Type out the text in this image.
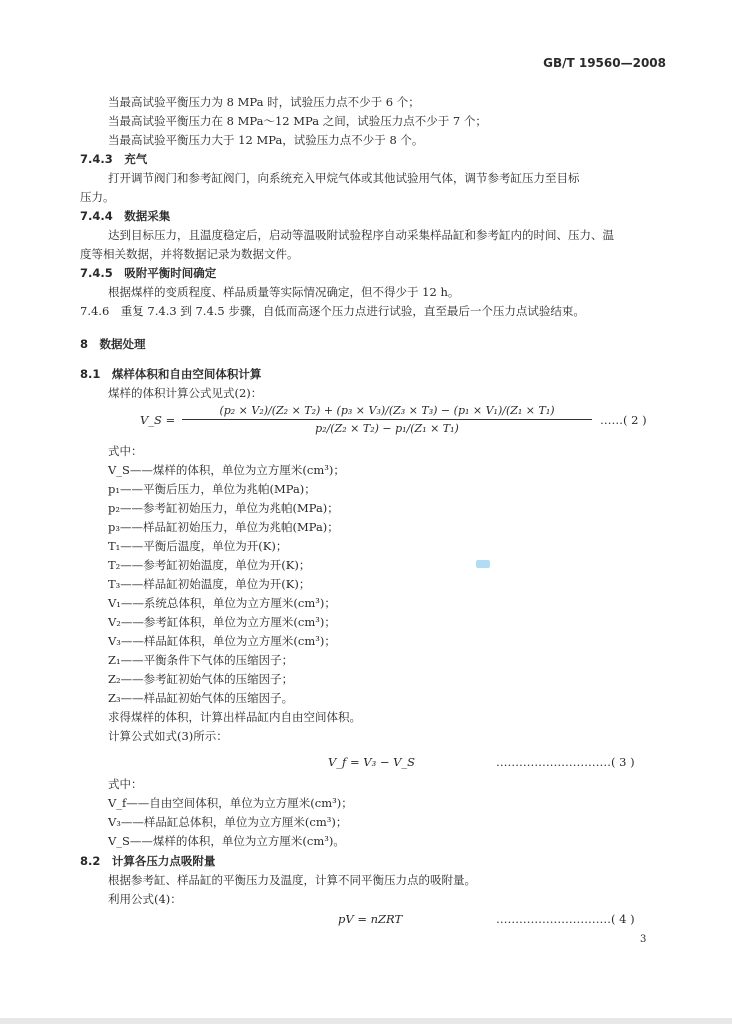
GB/T 19560—2008
当最高试验平衡压力为 8 MPa 时，试验压力点不少于 6 个；
当最高试验平衡压力在 8 MPa～12 MPa 之间，试验压力点不少于 7 个；
当最高试验平衡压力大于 12 MPa，试验压力点不少于 8 个。
7.4.3　充气
打开调节阀门和参考缸阀门，向系统充入甲烷气体或其他试验用气体，调节参考缸压力至目标
压力。
7.4.4　数据采集
达到目标压力，且温度稳定后，启动等温吸附试验程序自动采集样品缸和参考缸内的时间、压力、温
度等相关数据，并将数据记录为数据文件。
7.4.5　吸附平衡时间确定
根据煤样的变质程度、样品质量等实际情况确定，但不得少于 12 h。
7.4.6　重复 7.4.3 到 7.4.5 步骤，自低而高逐个压力点进行试验，直至最后一个压力点试验结束。
8　数据处理
8.1　煤样体积和自由空间体积计算
煤样的体积计算公式见式(2)：
V_S =
(p₂ × V₂)/(Z₂ × T₂) + (p₃ × V₃)/(Z₃ × T₃) − (p₁ × V₁)/(Z₁ × T₁)
p₂/(Z₂ × T₂) − p₁/(Z₁ × T₁)
……( 2 )
式中：
V_S——煤样的体积，单位为立方厘米(cm³)；
p₁——平衡后压力，单位为兆帕(MPa)；
p₂——参考缸初始压力，单位为兆帕(MPa)；
p₃——样品缸初始压力，单位为兆帕(MPa)；
T₁——平衡后温度，单位为开(K)；
T₂——参考缸初始温度，单位为开(K)；
T₃——样品缸初始温度，单位为开(K)；
V₁——系统总体积，单位为立方厘米(cm³)；
V₂——参考缸体积，单位为立方厘米(cm³)；
V₃——样品缸体积，单位为立方厘米(cm³)；
Z₁——平衡条件下气体的压缩因子；
Z₂——参考缸初始气体的压缩因子；
Z₃——样品缸初始气体的压缩因子。
求得煤样的体积，计算出样品缸内自由空间体积。
计算公式如式(3)所示：
V_f = V₃ − V_S	…………………………( 3 )
式中：
V_f——自由空间体积，单位为立方厘米(cm³)；
V₃——样品缸总体积，单位为立方厘米(cm³)；
V_S——煤样的体积，单位为立方厘米(cm³)。
8.2　计算各压力点吸附量
根据参考缸、样品缸的平衡压力及温度，计算不同平衡压力点的吸附量。
利用公式(4)：
pV = nZRT	…………………………( 4 )
3
